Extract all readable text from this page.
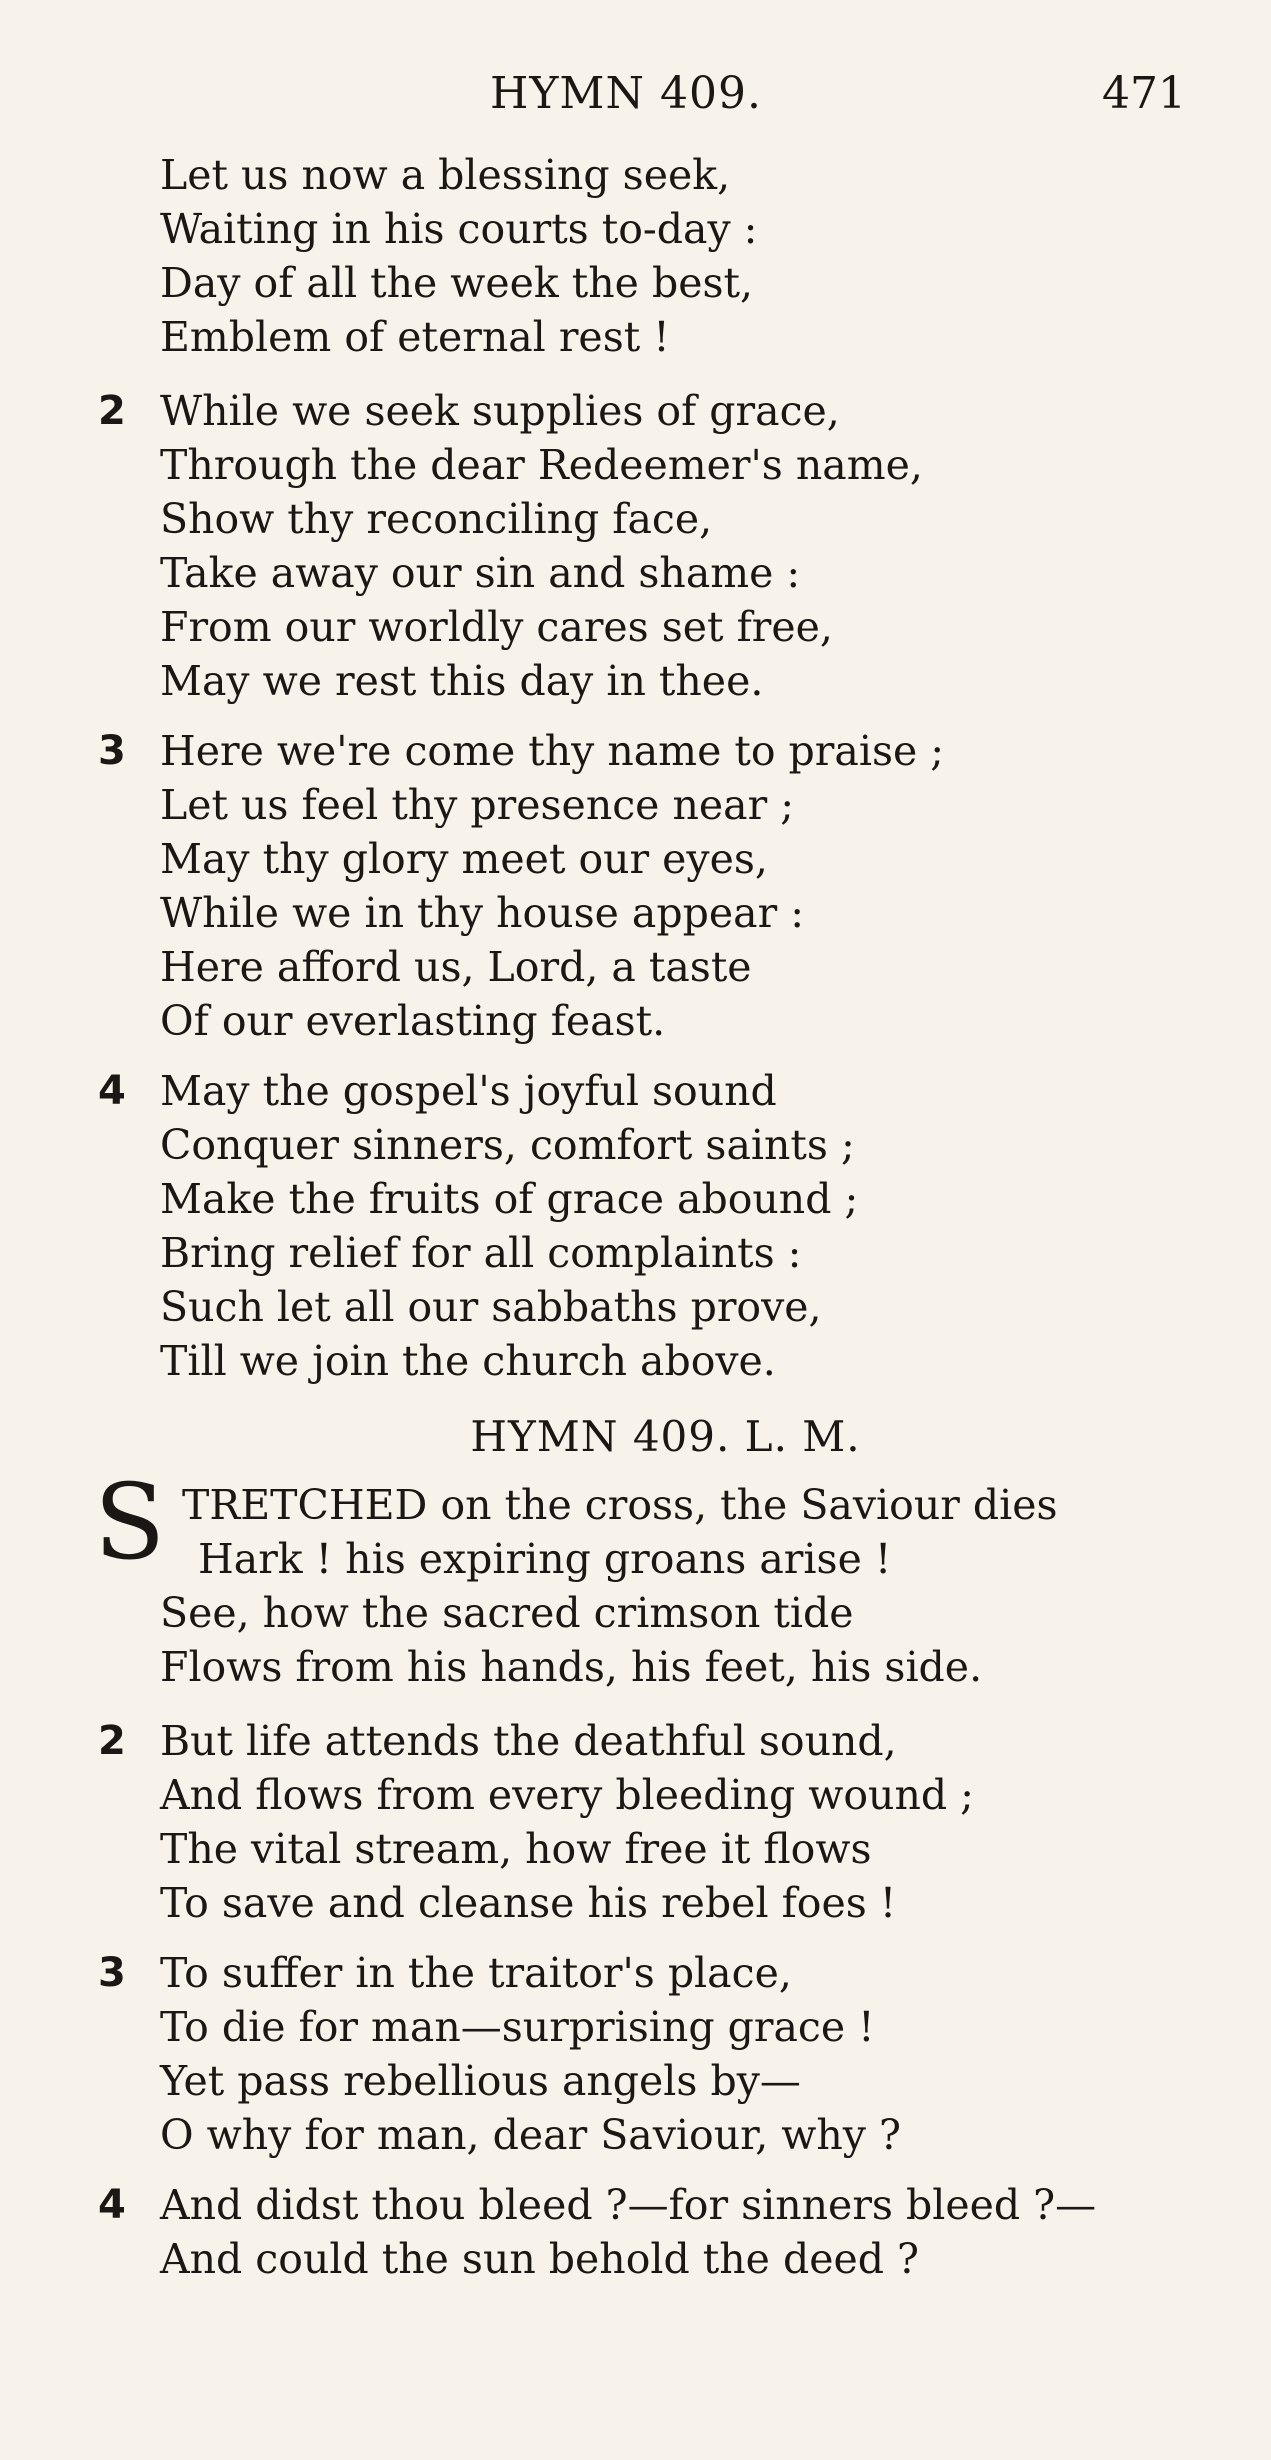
HYMN 409.	471
Let us now a blessing seek,
Waiting in his courts to-day :
Day of all the week the best,
Emblem of eternal rest !
2 While we seek supplies of grace,
Through the dear Redeemer's name,
Show thy reconciling face,
Take away our sin and shame :
From our worldly cares set free,
May we rest this day in thee.
3 Here we're come thy name to praise ;
Let us feel thy presence near ;
May thy glory meet our eyes,
While we in thy house appear :
Here afford us, Lord, a taste
Of our everlasting feast.
4 May the gospel's joyful sound
Conquer sinners, comfort saints ;
Make the fruits of grace abound ;
Bring relief for all complaints :
Such let all our sabbaths prove,
Till we join the church above.
HYMN 409. L. M.
S TRETCHED on the cross, the Saviour dies
Hark ! his expiring groans arise !
See, how the sacred crimson tide
Flows from his hands, his feet, his side.
2 But life attends the deathful sound,
And flows from every bleeding wound ;
The vital stream, how free it flows
To save and cleanse his rebel foes !
3 To suffer in the traitor's place,
To die for man—surprising grace !
Yet pass rebellious angels by—
O why for man, dear Saviour, why ?
4 And didst thou bleed ?—for sinners bleed ?—
And could the sun behold the deed ?
